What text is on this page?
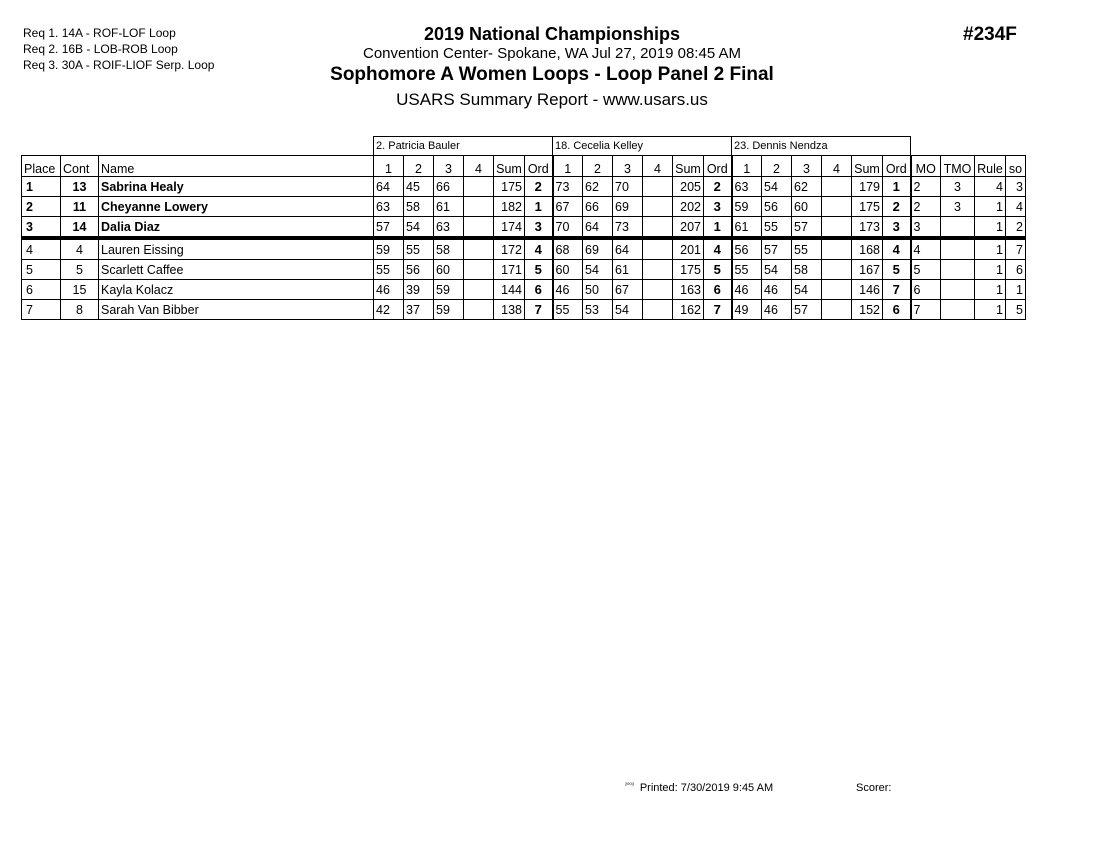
Req 1. 14A - ROF-LOF Loop
Req 2. 16B - LOB-ROB Loop
Req 3. 30A - ROIF-LIOF Serp. Loop
2019 National Championships
Convention Center- Spokane, WA Jul 27, 2019 08:45 AM
Sophomore A Women Loops - Loop Panel 2 Final
USARS Summary Report - www.usars.us
#234F
			2. Patricia Bauler						18. Cecelia Kelley						23. Dennis Nendza									
Place	Cont	Name	1	2	3	4	Sum	Ord	1	2	3	4	Sum	Ord	1	2	3	4	Sum	Ord	MO	TMO	Rule	so
1	13	Sabrina Healy	64	45	66		175	2	73	62	70		205	2	63	54	62		179	1	2	3	4	3
2	11	Cheyanne Lowery	63	58	61		182	1	67	66	69		202	3	59	56	60		175	2	2	3	1	4
3	14	Dalia Diaz	57	54	63		174	3	70	64	73		207	1	61	55	57		173	3	3		1	2
4	4	Lauren Eissing	59	55	58		172	4	68	69	64		201	4	56	57	55		168	4	4		1	7
5	5	Scarlett Caffee	55	56	60		171	5	60	54	61		175	5	55	54	58		167	5	5		1	6
6	15	Kayla Kolacz	46	39	59		144	6	46	50	67		163	6	46	46	54		146	7	6		1	1
7	8	Sarah Van Bibber	42	37	59		138	7	55	53	54		162	7	49	46	57		152	6	7		1	5
$^{^{2003}}$ Printed: 7/30/2019 9:45 AM	Scorer:
